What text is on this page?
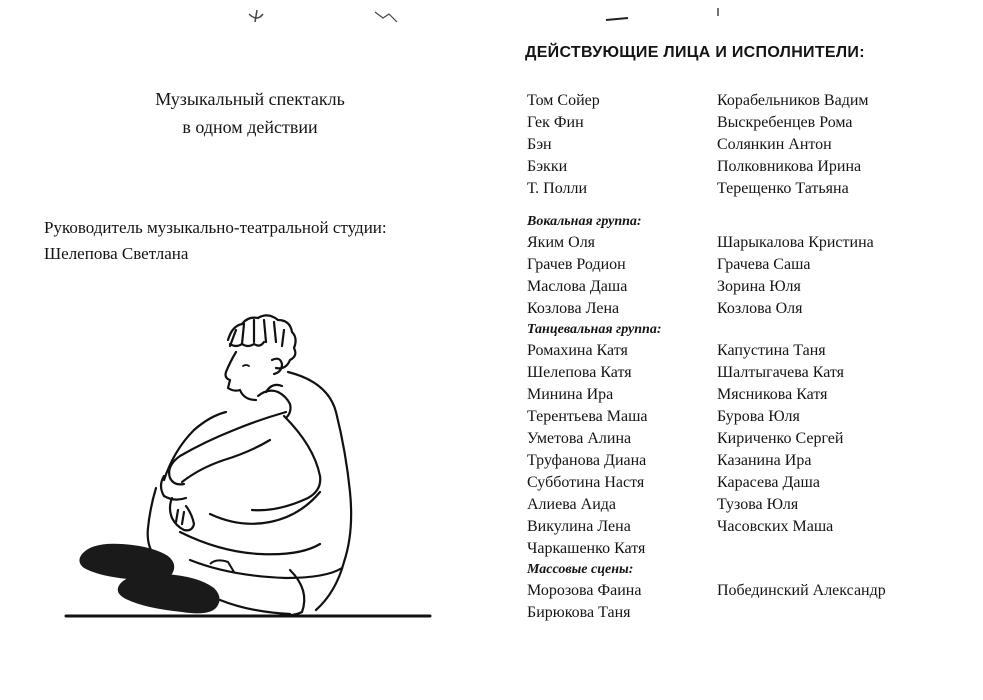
Музыкальный спектакль
в одном действии
Руководитель музыкально-театральной студии:
Шелепова Светлана
ДЕЙСТВУЮЩИЕ ЛИЦА И ИСПОЛНИТЕЛИ:
Том Сойер	Корабельников Вадим
Гек Фин	Выскребенцев Рома
Бэн	Солянкин Антон
Бэкки	Полковникова Ирина
Т. Полли	Терещенко Татьяна
Вокальная группа:
Яким Оля	Шарыкалова Кристина
Грачев Родион	Грачева Саша
Маслова Даша	Зорина Юля
Козлова Лена	Козлова Оля
Танцевальная группа:
Ромахина Катя	Капустина Таня
Шелепова Катя	Шалтыгачева Катя
Минина Ира	Мясникова Катя
Терентьева Маша	Бурова Юля
Уметова Алина	Кириченко Сергей
Труфанова Диана	Казанина Ира
Субботина Настя	Карасева Даша
Алиева Аида	Тузова Юля
Викулина Лена	Часовских Маша
Чаркашенко Катя
Массовые сцены:
Морозова Фаина	Побединский Александр
Бирюкова Таня
